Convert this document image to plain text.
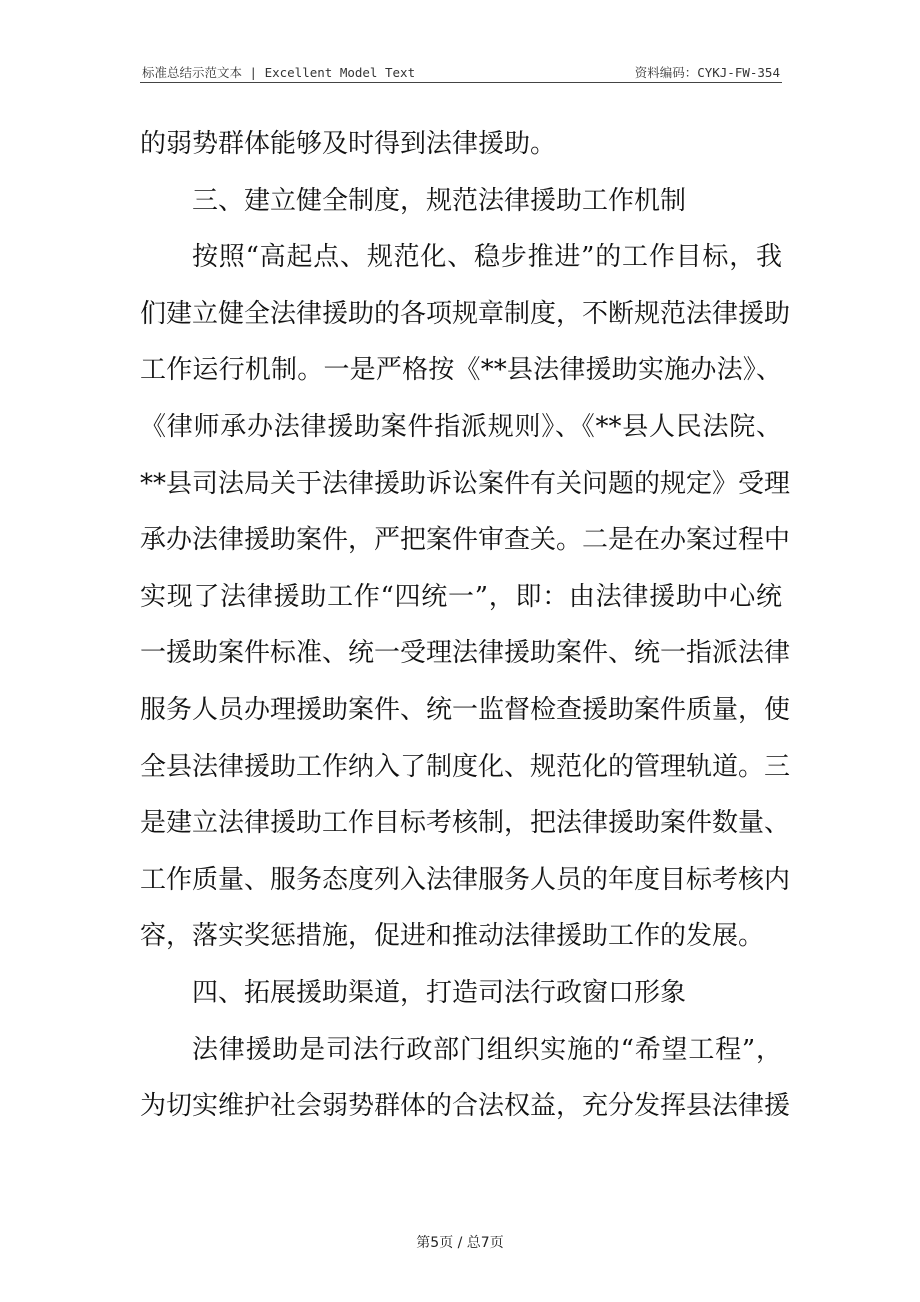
标准总结示范文本 | Excellent Model Text	资料编码：CYKJ-FW-354
的弱势群体能够及时得到法律援助。
三、建立健全制度，规范法律援助工作机制
按照“高起点、规范化、稳步推进”的工作目标，我
们建立健全法律援助的各项规章制度，不断规范法律援助
工作运行机制。一是严格按《**县法律援助实施办法》、
《律师承办法律援助案件指派规则》、《**县人民法院、
**县司法局关于法律援助诉讼案件有关问题的规定》受理
承办法律援助案件，严把案件审查关。二是在办案过程中
实现了法律援助工作“四统一”，即：由法律援助中心统
一援助案件标准、统一受理法律援助案件、统一指派法律
服务人员办理援助案件、统一监督检查援助案件质量，使
全县法律援助工作纳入了制度化、规范化的管理轨道。三
是建立法律援助工作目标考核制，把法律援助案件数量、
工作质量、服务态度列入法律服务人员的年度目标考核内
容，落实奖惩措施，促进和推动法律援助工作的发展。
四、拓展援助渠道，打造司法行政窗口形象
法律援助是司法行政部门组织实施的“希望工程”，
为切实维护社会弱势群体的合法权益，充分发挥县法律援
第5页 / 总7页
